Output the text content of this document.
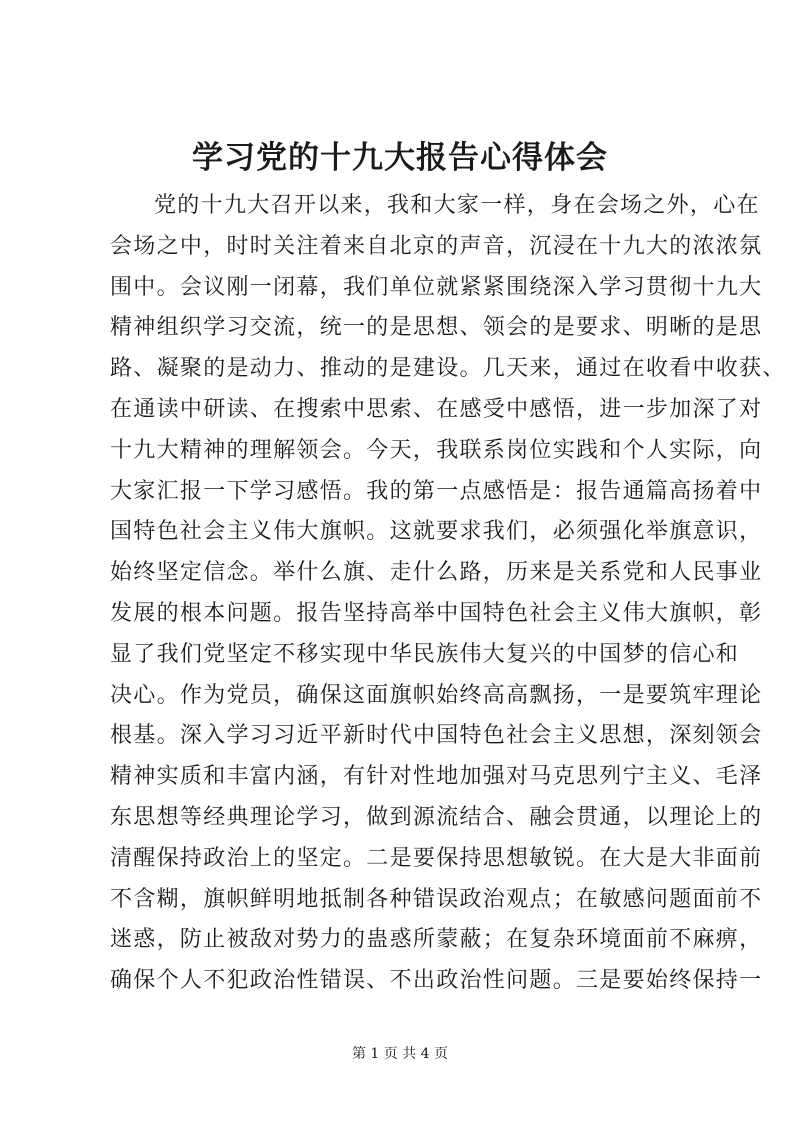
学习党的十九大报告心得体会
党的十九大召开以来，我和大家一样，身在会场之外，心在
会场之中，时时关注着来自北京的声音，沉浸在十九大的浓浓氛
围中。会议刚一闭幕，我们单位就紧紧围绕深入学习贯彻十九大
精神组织学习交流，统一的是思想、领会的是要求、明晰的是思
路、凝聚的是动力、推动的是建设。几天来，通过在收看中收获、
在通读中研读、在搜索中思索、在感受中感悟，进一步加深了对
十九大精神的理解领会。今天，我联系岗位实践和个人实际，向
大家汇报一下学习感悟。我的第一点感悟是：报告通篇高扬着中
国特色社会主义伟大旗帜。这就要求我们，必须强化举旗意识，
始终坚定信念。举什么旗、走什么路，历来是关系党和人民事业
发展的根本问题。报告坚持高举中国特色社会主义伟大旗帜，彰
显了我们党坚定不移实现中华民族伟大复兴的中国梦的信心和
决心。作为党员，确保这面旗帜始终高高飘扬，一是要筑牢理论
根基。深入学习习近平新时代中国特色社会主义思想，深刻领会
精神实质和丰富内涵，有针对性地加强对马克思列宁主义、毛泽
东思想等经典理论学习，做到源流结合、融会贯通，以理论上的
清醒保持政治上的坚定。二是要保持思想敏锐。在大是大非面前
不含糊，旗帜鲜明地抵制各种错误政治观点；在敏感问题面前不
迷惑，防止被敌对势力的蛊惑所蒙蔽；在复杂环境面前不麻痹，
确保个人不犯政治性错误、不出政治性问题。三是要始终保持一
第 1 页 共 4 页
